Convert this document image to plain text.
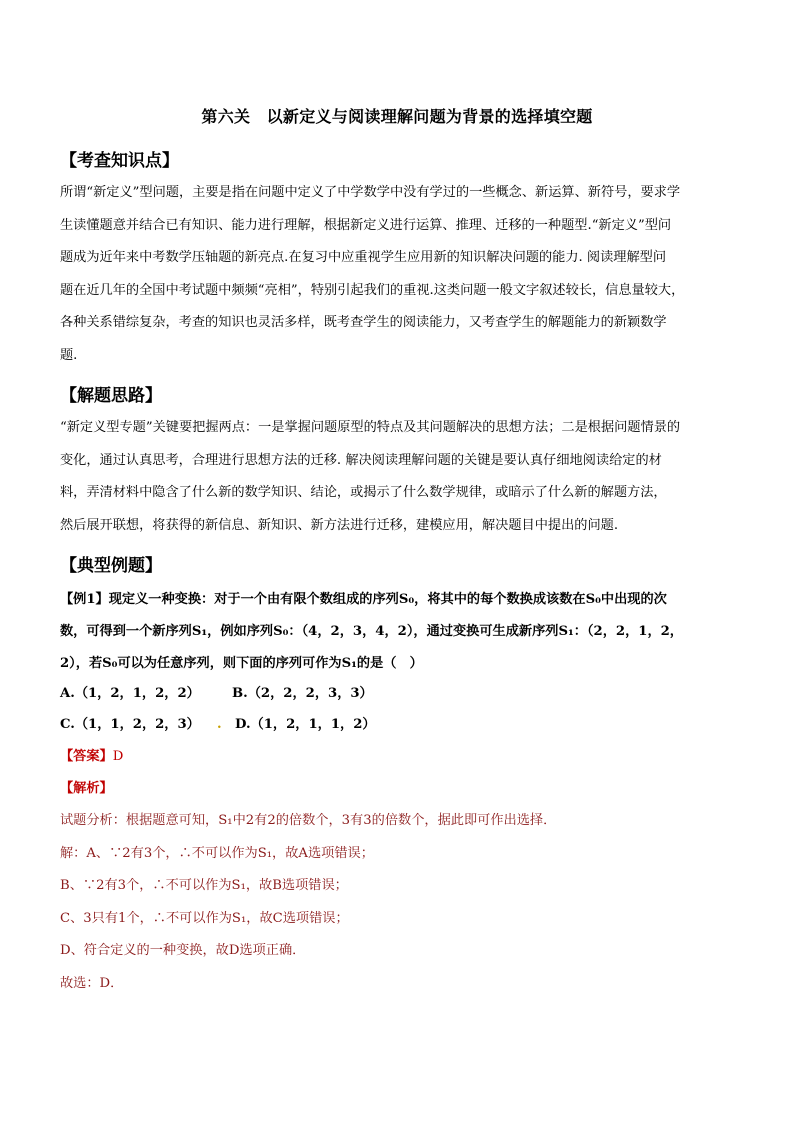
第六关　以新定义与阅读理解问题为背景的选择填空题
【考查知识点】
所谓“新定义”型问题，主要是指在问题中定义了中学数学中没有学过的一些概念、新运算、新符号，要求学
生读懂题意并结合已有知识、能力进行理解，根据新定义进行运算、推理、迁移的一种题型.“新定义”型问
题成为近年来中考数学压轴题的新亮点.在复习中应重视学生应用新的知识解决问题的能力. 阅读理解型问
题在近几年的全国中考试题中频频“亮相”，特别引起我们的重视.这类问题一般文字叙述较长，信息量较大，
各种关系错综复杂，考查的知识也灵活多样，既考查学生的阅读能力，又考查学生的解题能力的新颖数学
题.
【解题思路】
“新定义型专题”关键要把握两点：一是掌握问题原型的特点及其问题解决的思想方法；二是根据问题情景的
变化，通过认真思考，合理进行思想方法的迁移. 解决阅读理解问题的关键是要认真仔细地阅读给定的材
料，弄清材料中隐含了什么新的数学知识、结论，或揭示了什么数学规律，或暗示了什么新的解题方法，
然后展开联想，将获得的新信息、新知识、新方法进行迁移，建模应用，解决题目中提出的问题.
【典型例题】
【例1】现定义一种变换：对于一个由有限个数组成的序列S₀，将其中的每个数换成该数在S₀中出现的次
数，可得到一个新序列S₁，例如序列S₀：（4，2，3，4，2），通过变换可生成新序列S₁：（2，2，1，2，
2），若S₀可以为任意序列，则下面的序列可作为S₁的是（　）
A.（1，2，1，2，2） B.（2，2，2，3，3）
C.（1，1，2，2，3） . D.（1，2，1，1，2）
【答案】D
【解析】
试题分析：根据题意可知，S₁中2有2的倍数个，3有3的倍数个，据此即可作出选择．
解：A、∵2有3个，∴不可以作为S₁，故A选项错误；
B、∵2有3个，∴不可以作为S₁，故B选项错误；
C、3只有1个，∴不可以作为S₁，故C选项错误；
D、符合定义的一种变换，故D选项正确．
故选：D．
